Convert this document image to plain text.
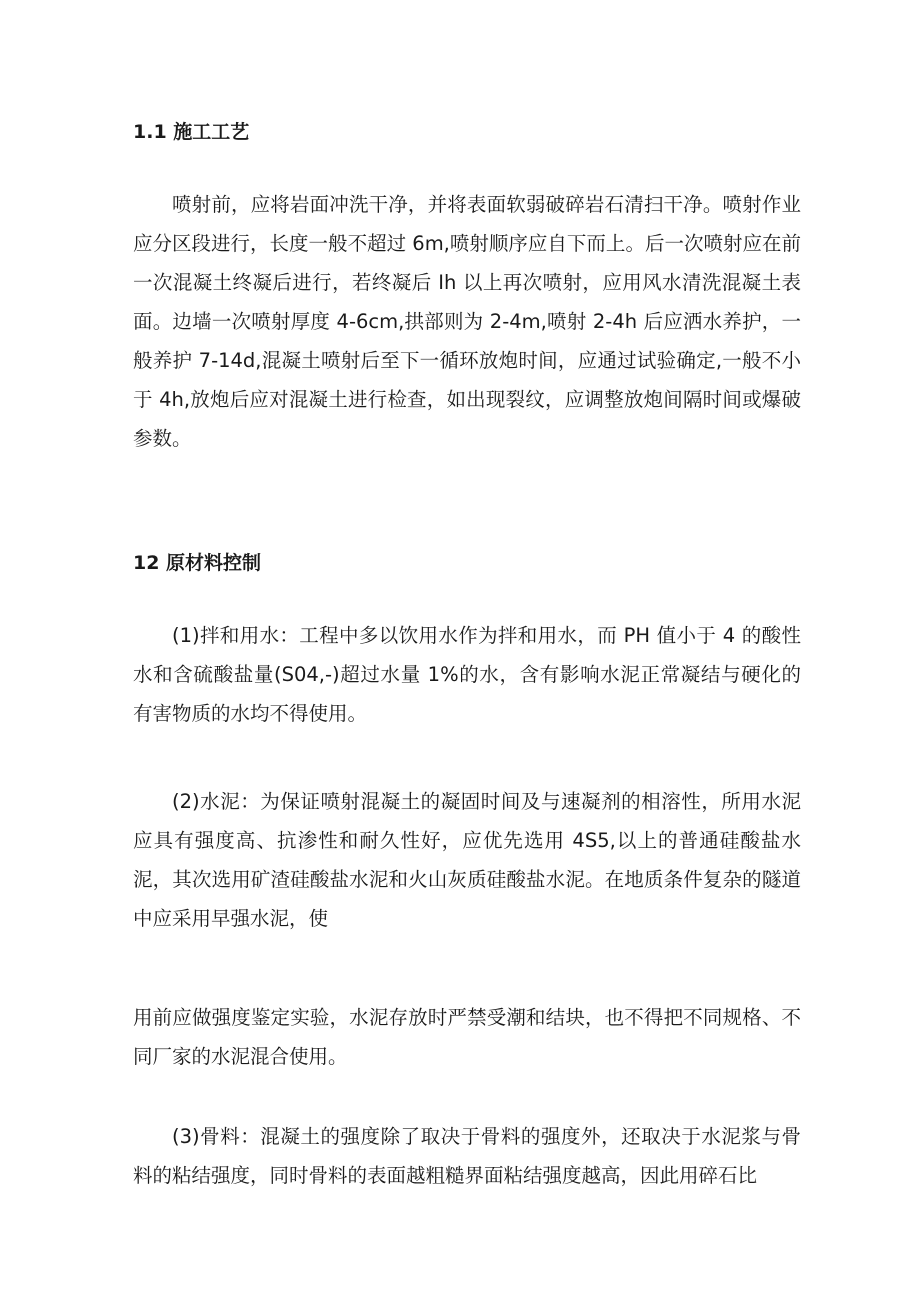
1.1 施工工艺
喷射前，应将岩面冲洗干净，并将表面软弱破碎岩石清扫干净。喷射作业应分区段进行，长度一般不超过 6m,喷射顺序应自下而上。后一次喷射应在前一次混凝土终凝后进行，若终凝后 Ih 以上再次喷射，应用风水清洗混凝土表面。边墙一次喷射厚度 4-6cm,拱部则为 2-4m,喷射 2-4h 后应洒水养护，一般养护 7-14d,混凝土喷射后至下一循环放炮时间，应通过试验确定,一般不小于 4h,放炮后应对混凝土进行检查，如出现裂纹，应调整放炮间隔时间或爆破参数。
12 原材料控制
(1)拌和用水：工程中多以饮用水作为拌和用水，而 PH 值小于 4 的酸性水和含硫酸盐量(S04,-)超过水量 1%的水，含有影响水泥正常凝结与硬化的有害物质的水均不得使用。
(2)水泥：为保证喷射混凝土的凝固时间及与速凝剂的相溶性，所用水泥应具有强度高、抗渗性和耐久性好，应优先选用 4S5,以上的普通硅酸盐水泥，其次选用矿渣硅酸盐水泥和火山灰质硅酸盐水泥。在地质条件复杂的隧道中应采用早强水泥，使
用前应做强度鉴定实验，水泥存放时严禁受潮和结块，也不得把不同规格、不同厂家的水泥混合使用。
(3)骨料：混凝土的强度除了取决于骨料的强度外，还取决于水泥浆与骨料的粘结强度，同时骨料的表面越粗糙界面粘结强度越高，因此用碎石比
